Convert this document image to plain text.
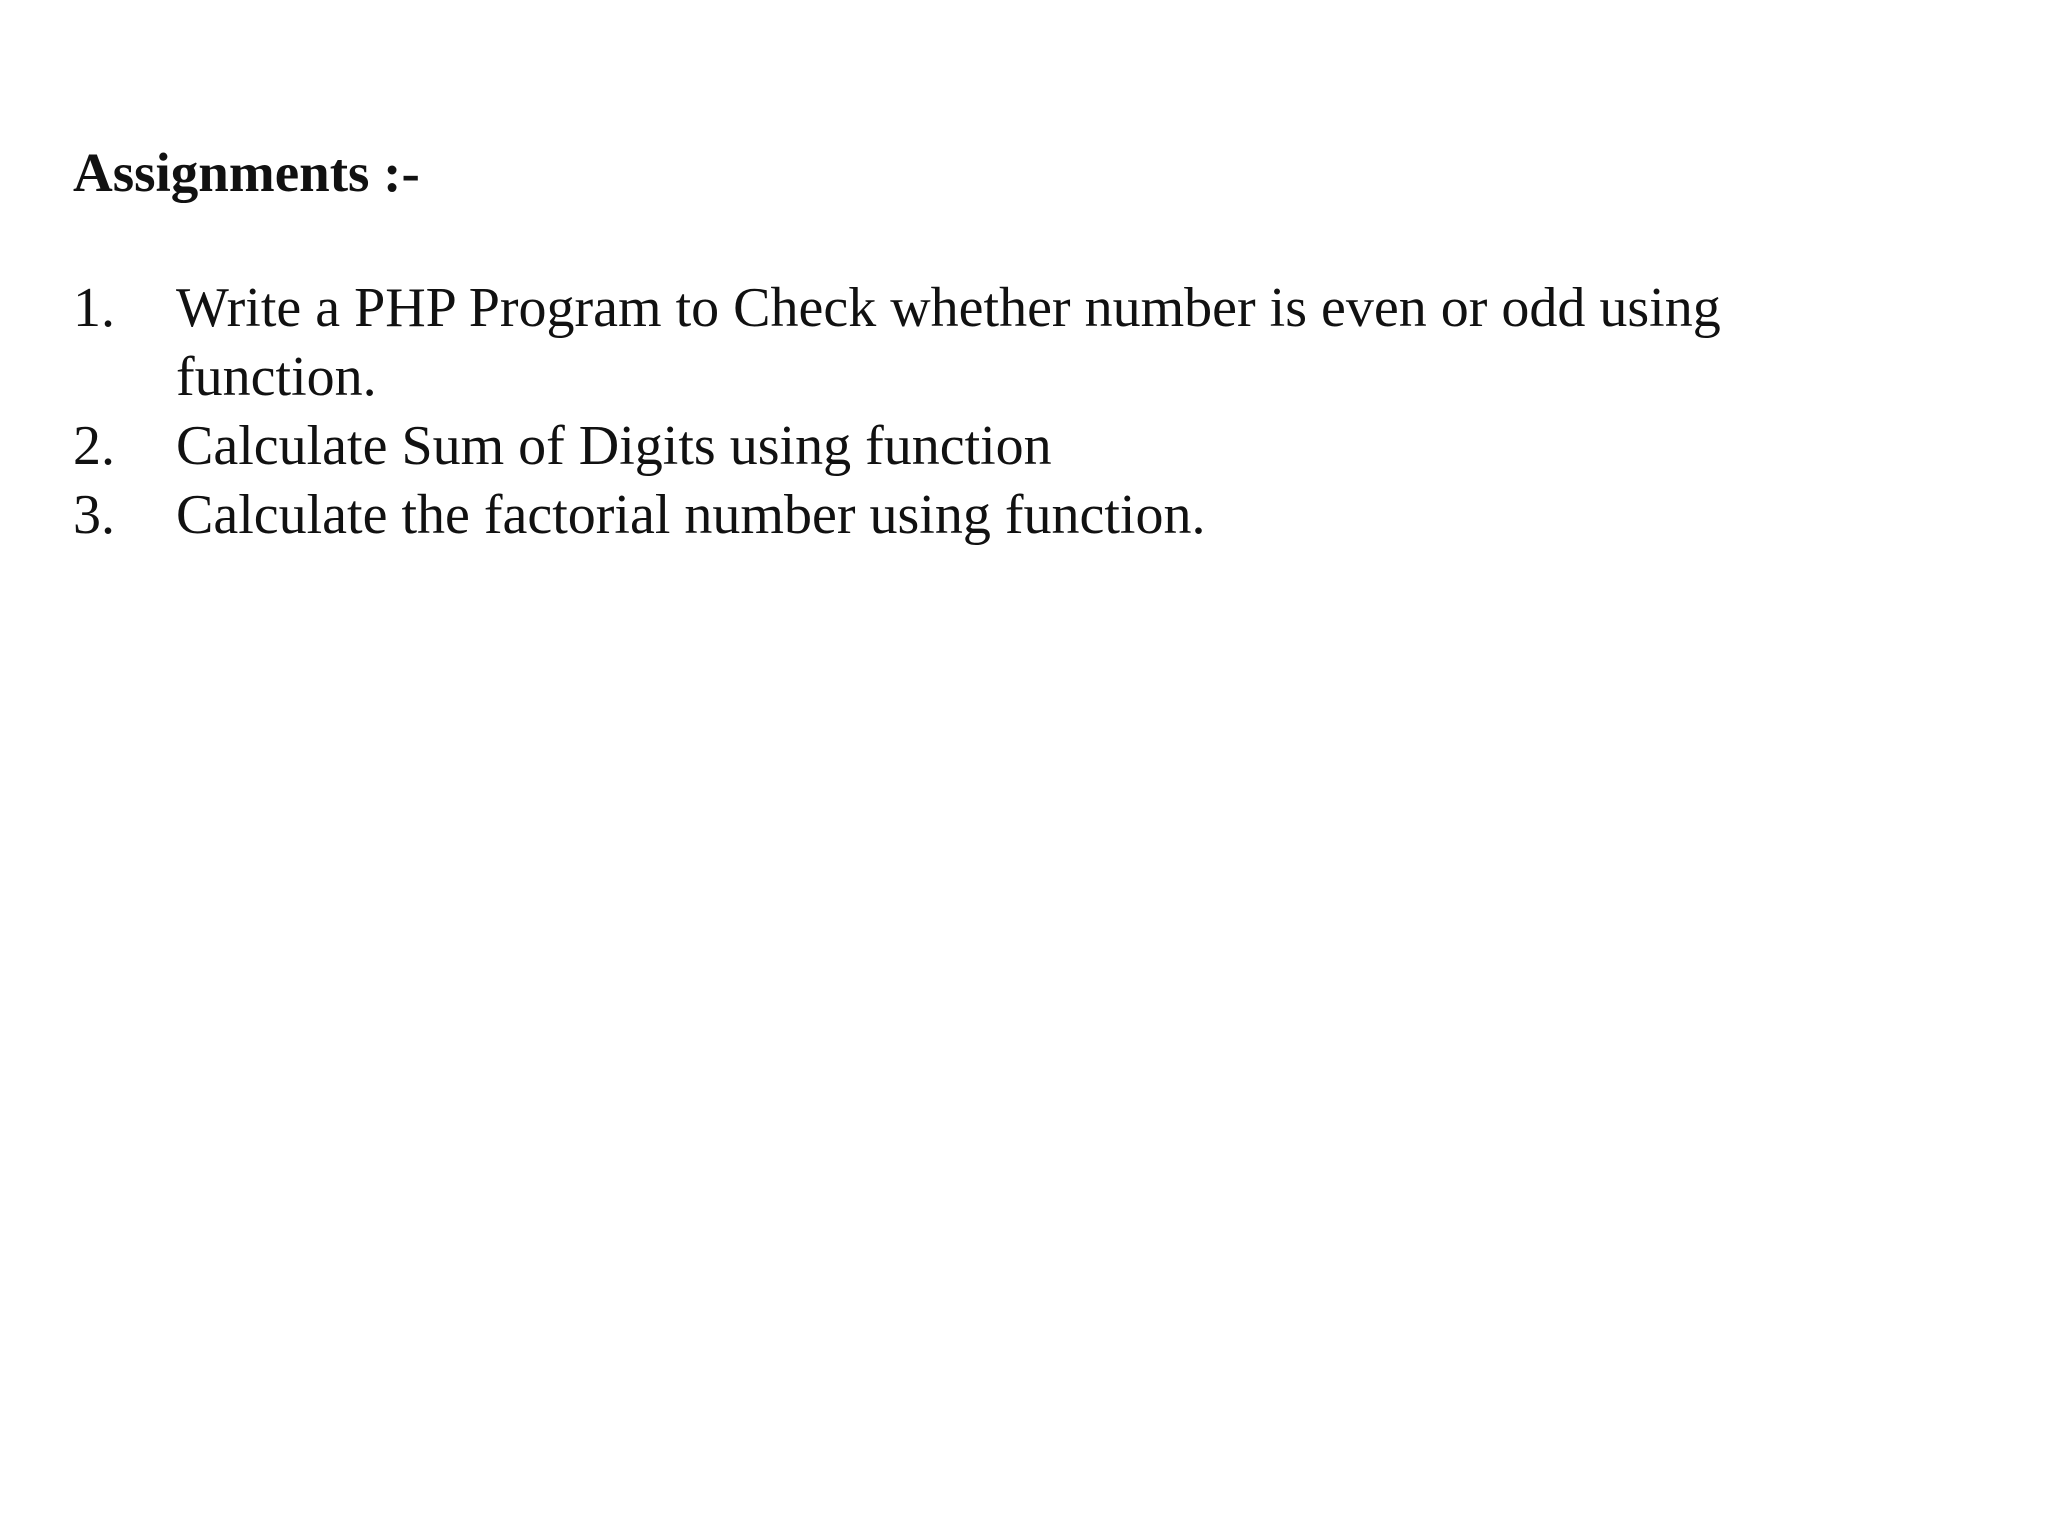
Assignments :-
1.	Write a PHP Program to Check whether number is even or odd using function.
2.	Calculate Sum of Digits using function
3.	Calculate the factorial number using function.
